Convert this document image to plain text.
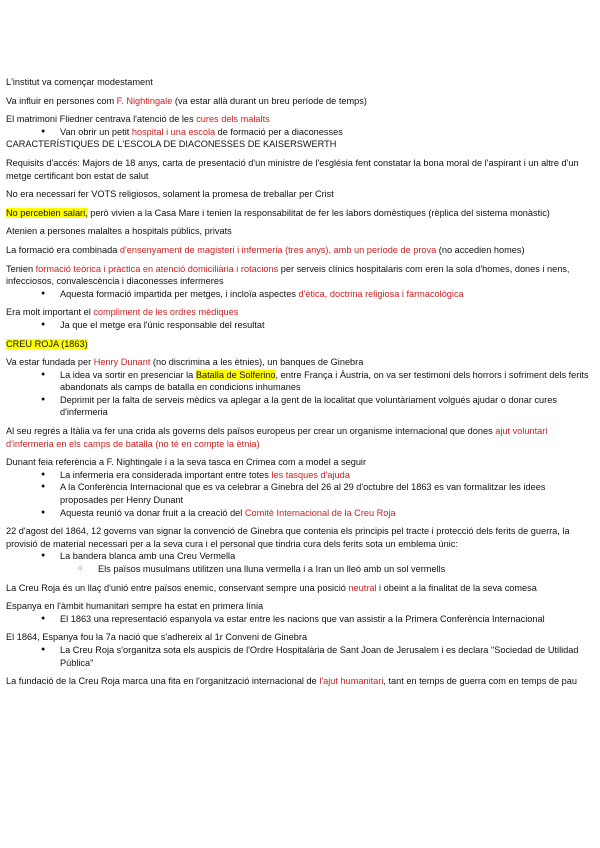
L'institut va començar modestament
Va influir en persones com F. Nightingale (va estar allà durant un breu període de temps)
El matrimoni Fliedner centrava l'atenció de les cures dels malalts
● Van obrir un petit hospital i una escola de formació per a diaconesses
CARACTERÍSTIQUES DE L'ESCOLA DE DIACONESSES DE KAISERSWERTH
Requisits d'accés: Majors de 18 anys, carta de presentació d'un ministre de l'església fent constatar la bona moral de l'aspirant i un altre d'un metge certificant bon estat de salut
No era necessari fer VOTS religiosos, solament la promesa de treballar per Crist
No percebien salari, però vivien a la Casa Mare i tenien la responsabilitat de fer les labors domèstiques (rèplica del sistema monàstic)
Atenien a persones malaltes a hospitals públics, privats
La formació era combinada d'ensenyament de magisteri i infermeria (tres anys), amb un període de prova (no accedien homes)
Tenien formació teòrica i pràctica en atenció domiciliària i rotacions per serveis clínics hospitalaris com eren la sola d'homes, dones i nens, infecciosos, convalescència i diaconesses infermeres
● Aquesta formació impartida per metges, i incloïa aspectes d'ètica, doctrina religiosa i farmacològica
Era molt important el compliment de les ordres mèdiques
● Ja que el metge era l'únic responsable del resultat
CREU ROJA (1863)
Va estar fundada per Henry Dunant (no discrimina a les ètnies), un banques de Ginebra
● La idea va sortir en presenciar la Batalla de Solferino, entre França i Àustria, on va ser testimoni dels horrors i sofriment dels ferits abandonats als camps de batalla en condicions inhumanes
● Deprimit per la falta de serveis mèdics va aplegar a la gent de la localitat que voluntàriament volgués ajudar o donar cures d'infermeria
Al seu regrés a Itàlia va fer una crida als governs dels països europeus per crear un organisme internacional que dones ajut voluntari d'infermeria en els camps de batalla (no té en compte la ètnia)
Dunant feia referència a F. Nightingale i a la seva tasca en Crimea com a model a seguir
● La infermeria era considerada important entre totes les tasques d'ajuda
● A la Conferència Internacional que es va celebrar a Ginebra del 26 al 29 d'octubre del 1863 es van formalitzar les idees proposades per Henry Dunant
● Aquesta reunió va donar fruit a la creació del Comitè Internacional de la Creu Roja
22 d'agost del 1864, 12 governs van signar la convenció de Ginebra que contenia els principis pel tracte i protecció dels ferits de guerra, la provisió de material necessari per a la seva cura i el personal que tindria cura dels ferits sota un emblema únic:
● La bandera blanca amb una Creu Vermella
○ Els països musulmans utilitzen una lluna vermella i a Iran un lleó amb un sol vermells
La Creu Roja és un llaç d'unió entre països enemic, conservant sempre una posició neutral i obeint a la finalitat de la seva comesa
Espanya en l'àmbit humanitari sempre ha estat en primera línia
● El 1863 una representació espanyola va estar entre les nacions que van assistir a la Primera Conferència Internacional
El 1864, Espanya fou la 7a nació que s'adhereix al 1r Conveni de Ginebra
● La Creu Roja s'organitza sota els auspicis de l'Ordre Hospitalària de Sant Joan de Jerusalem i es declara "Sociedad de Utilidad Pública"
La fundació de la Creu Roja marca una fita en l'organització internacional de l'ajut humanitari, tant en temps de guerra com en temps de pau
